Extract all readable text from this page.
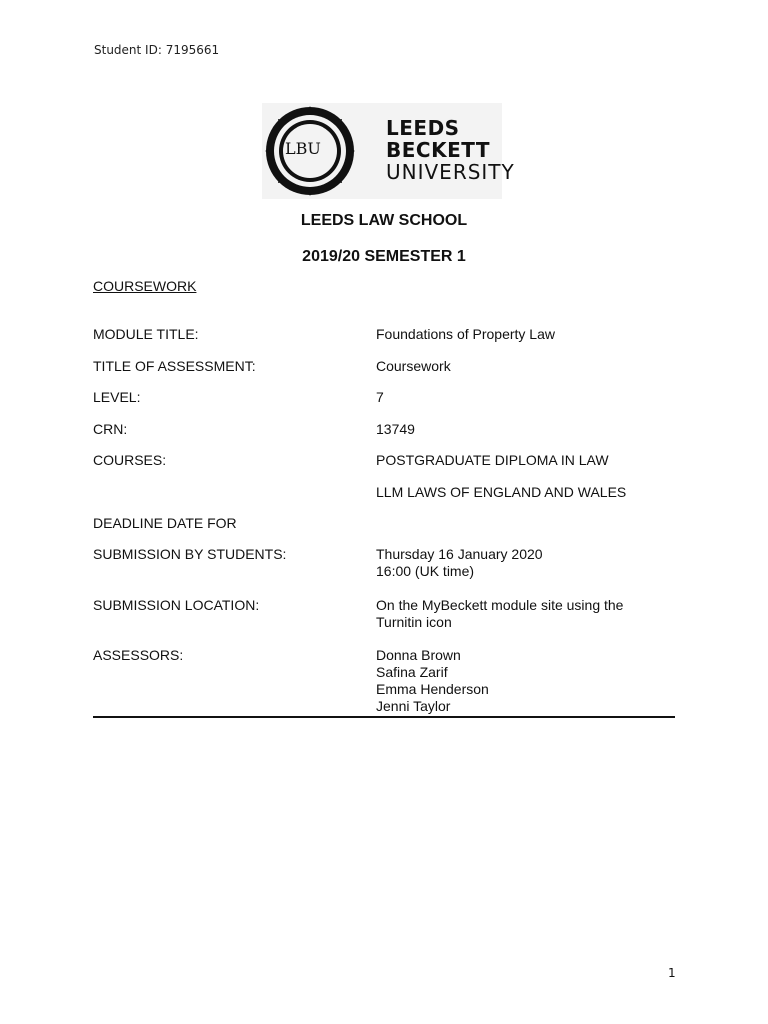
Student ID: 7195661
LBU
LEEDS
BECKETT
UNIVERSITY
LEEDS LAW SCHOOL
2019/20 SEMESTER 1
COURSEWORK
MODULE TITLE:	Foundations of Property Law
TITLE OF ASSESSMENT:	Coursework
LEVEL:	7
CRN:	13749
COURSES:	POSTGRADUATE DIPLOMA IN LAW
LLM LAWS OF ENGLAND AND WALES
DEADLINE DATE FOR
SUBMISSION BY STUDENTS:	Thursday 16 January 2020
16:00 (UK time)
SUBMISSION LOCATION:	On the MyBeckett module site using the
Turnitin icon
ASSESSORS:	Donna Brown
Safina Zarif
Emma Henderson
Jenni Taylor
1
